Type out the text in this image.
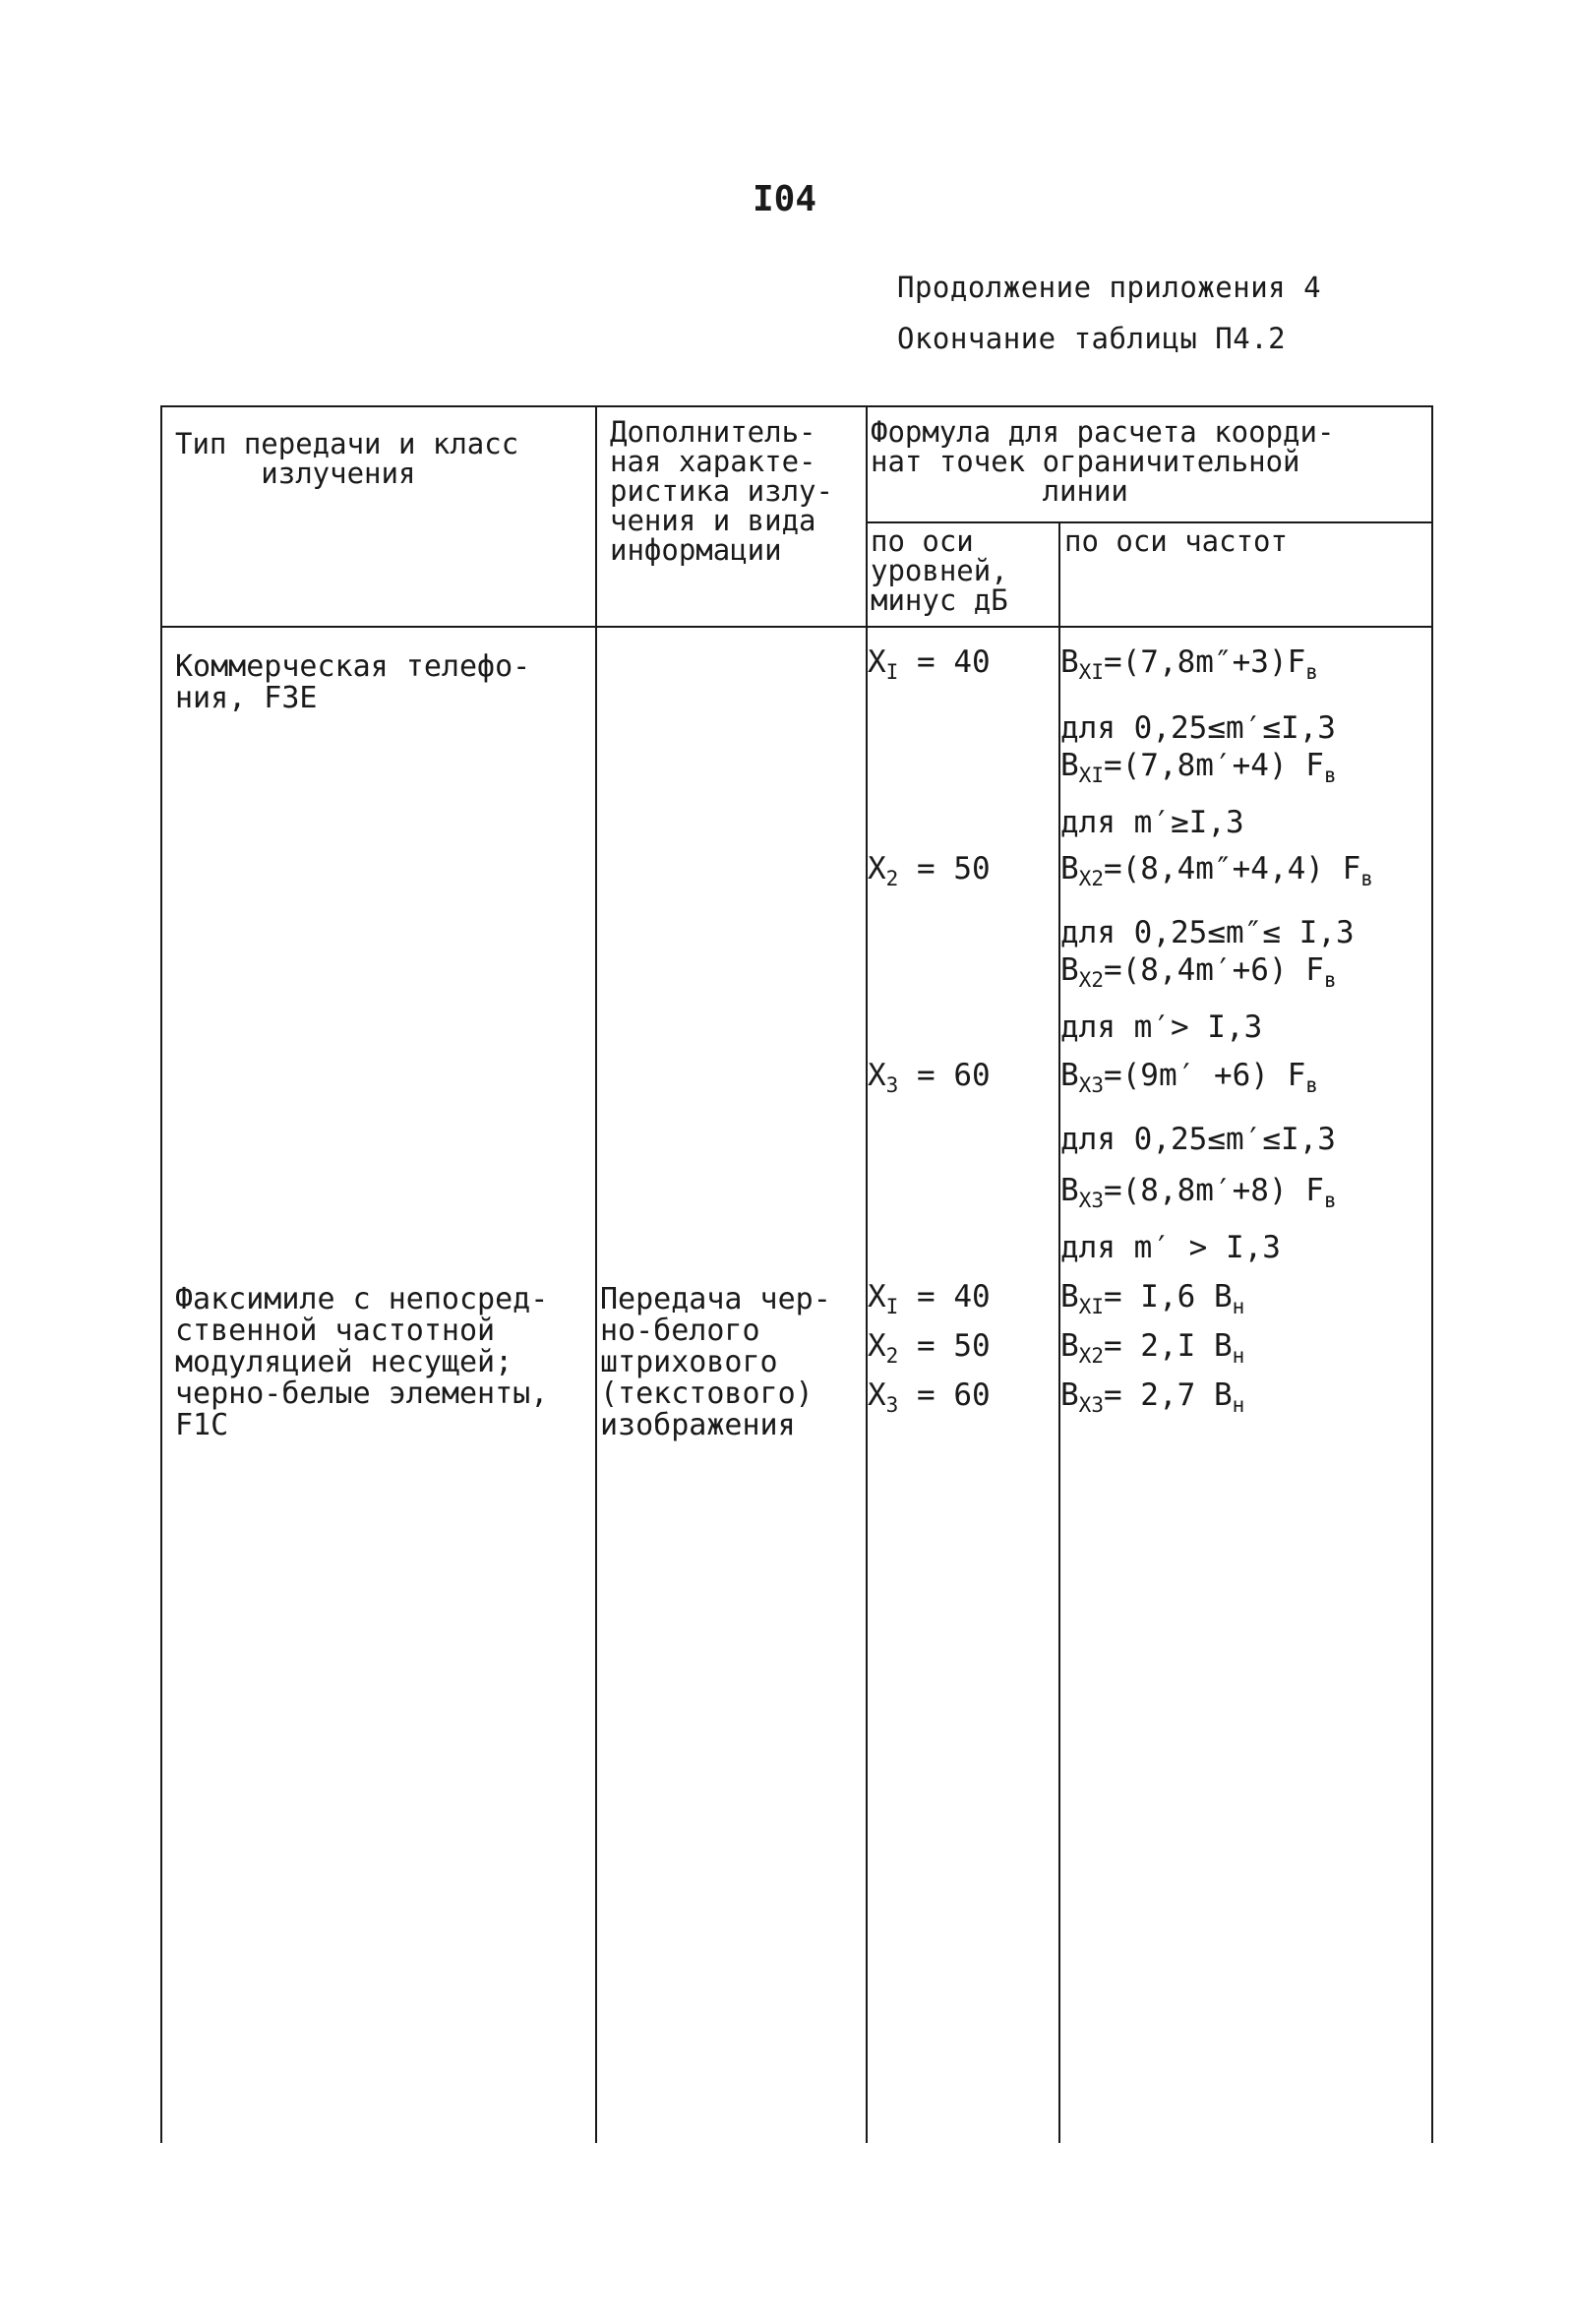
I04
Продолжение приложения 4
Окончание таблицы П4.2
Тип передачи и класс
излучения
Дополнитель-
ная характе-
ристика излу-
чения и вида
информации
Формула для расчета коорди-
нат точек ограничительной
линии
по оси
уровней,
минус дБ
по оси частот
Коммерческая телефо-
ния, F3E
$X_I = 40$
$X_2 = 50$
$X_3 = 60$
$B_{XI}=(7,8m''+3)F_в$
для 0,25≤m′≤I,3
$B_{XI}=(7,8m'+4)$ $F_в$
для m′≥I,3
$B_{X2}=(8,4m''+4,4)$ $F_в$
для 0,25≤m″≤ I,3
$B_{X2}=(8,4m'+6)$ $F_в$
для m′> I,3
$B_{X3}=(9m' +6)$ $F_в$
для 0,25≤m′≤I,3
$B_{X3}=(8,8m'+8)$ $F_в$
для m′ > I,3
Факсимиле с непосред-
ственной частотной
модуляцией несущей;
черно-белые элементы,
F1C
Передача чер-
но-белого
штрихового
(текстового)
изображения
$X_I = 40$
$X_2 = 50$
$X_3 = 60$
$B_{XI}= I,6$ $B_н$
$B_{X2}= 2,I$ $B_н$
$B_{X3}= 2,7$ $B_н$
